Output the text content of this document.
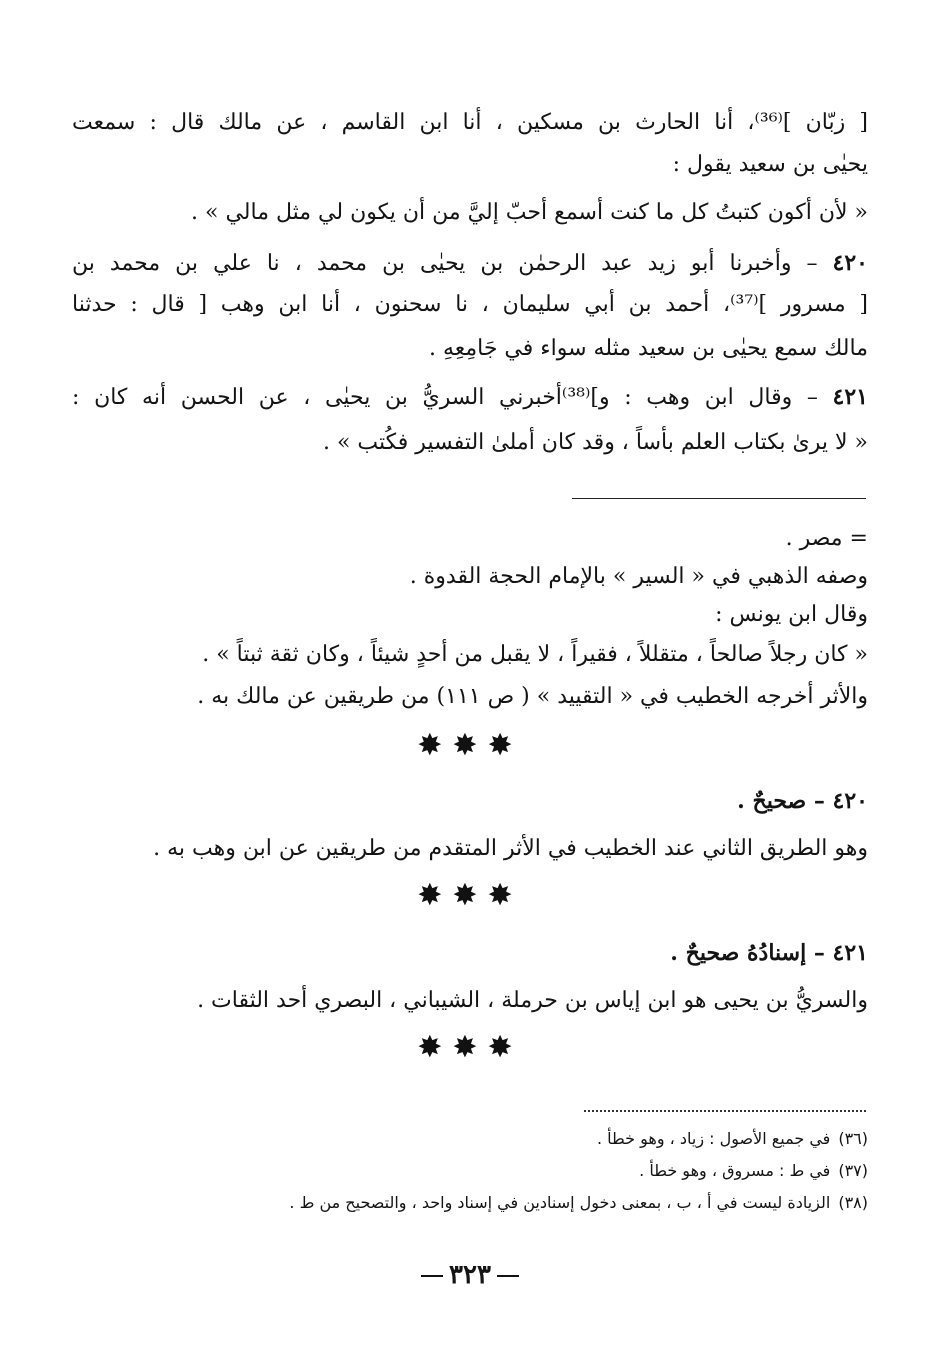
[ زبّان ]⁽³⁶⁾، أنا الحارث بن مسكين ، أنا ابن القاسم ، عن مالك قال : سمعت
يحيٰى بن سعيد يقول :
« لأن أكون كتبتُ كل ما كنت أسمع أحبّ إليَّ من أن يكون لي مثل مالي » .
٤٢٠ – وأخبرنا أبو زيد عبد الرحمٰن بن يحيٰى بن محمد ، نا علي بن محمد بن
[ مسرور ]⁽³⁷⁾، أحمد بن أبي سليمان ، نا سحنون ، أنا ابن وهب [ قال : حدثنا
مالك سمع يحيٰى بن سعيد مثله سواء في جَامِعِهِ .
٤٢١ – وقال ابن وهب : و]⁽³⁸⁾أخبرني السريُّ بن يحيٰى ، عن الحسن أنه كان :
« لا يرىٰ بكتاب العلم بأساً ، وقد كان أملىٰ التفسير فكُتب » .
= مصر .
وصفه الذهبي في « السير » بالإمام الحجة القدوة .
وقال ابن يونس :
« كان رجلاً صالحاً ، متقللاً ، فقيراً ، لا يقبل من أحدٍ شيئاً ، وكان ثقة ثبتاً » .
والأثر أخرجه الخطيب في « التقييد » ( ص ١١١) من طريقين عن مالك به .
✸✸✸
٤٢٠ – صحيحٌ .
وهو الطريق الثاني عند الخطيب في الأثر المتقدم من طريقين عن ابن وهب به .
✸✸✸
٤٢١ – إسنادُهُ صحيحٌ .
والسريُّ بن يحيى هو ابن إياس بن حرملة ، الشيباني ، البصري أحد الثقات .
✸✸✸
(٣٦)في جميع الأصول : زياد ، وهو خطأ .
(٣٧)في ط : مسروق ، وهو خطأ .
(٣٨)الزيادة ليست في أ ، ب ، بمعنى دخول إسنادين في إسناد واحد ، والتصحيح من ط .
٣٢٣
